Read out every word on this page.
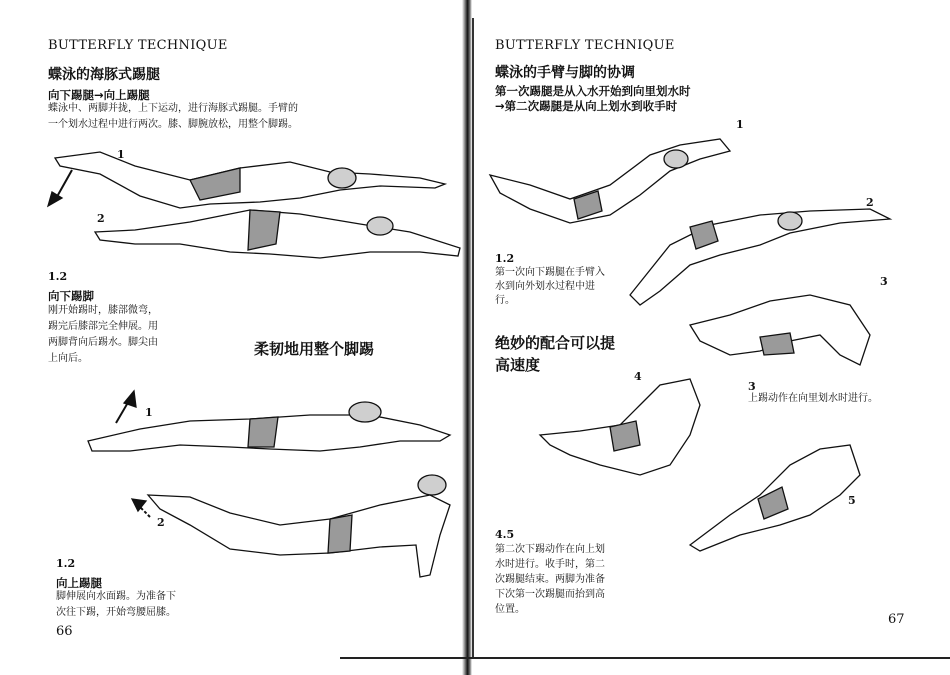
BUTTERFLY TECHNIQUE
蝶泳的海豚式踢腿
向下踢腿→向上踢腿
蝶泳中、两脚并拢，上下运动，进行海豚式踢腿。手臂的
一个划水过程中进行两次。膝、脚腕放松，用整个脚踢。
1
2
1.2
向下踢脚
刚开始踢时，膝部微弯，
踢完后膝部完全伸展。用
两脚背向后踢水。脚尖由
上向后。
柔韧地用整个脚踢
1
2
1.2
向上踢腿
脚伸展向水面踢。为准备下
次往下踢，开始弯腰屈膝。
66
BUTTERFLY TECHNIQUE
蝶泳的手臂与脚的协调
第一次踢腿是从入水开始到向里划水时
→第二次踢腿是从向上划水到收手时
1
2
3
4
5
1.2
第一次向下踢腿在手臂入
水到向外划水过程中进
行。
绝妙的配合可以提
高速度
3
上踢动作在向里划水时进行。
4.5
第二次下踢动作在向上划
水时进行。收手时，第二
次踢腿结束。两脚为准备
下次第一次踢腿而抬到高
位置。
67
